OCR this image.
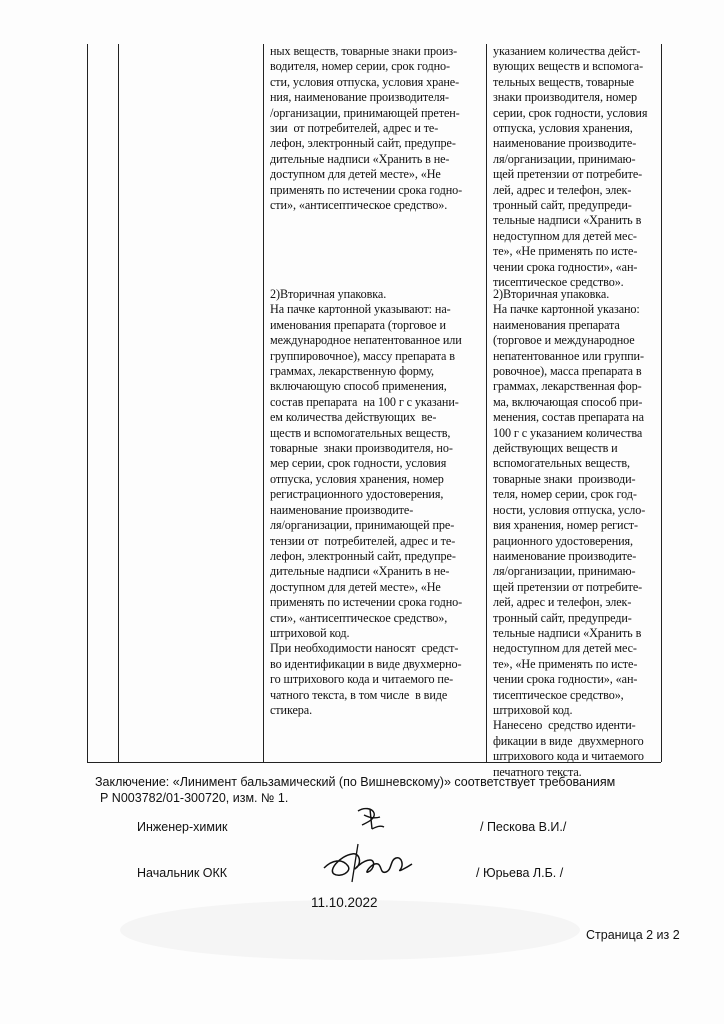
ных веществ, товарные знаки произ-
водителя, номер серии, срок годно-
сти, условия отпуска, условия хране-
ния, наименование производителя-
/организации, принимающей претен-
зии  от потребителей, адрес и те-
лефон, электронный сайт, предупре-
дительные надписи «Хранить в не-
доступном для детей месте», «Не
применять по истечении срока годно-
сти», «антисептическое средство».
указанием количества дейст-
вующих веществ и вспомога-
тельных веществ, товарные
знаки производителя, номер
серии, срок годности, условия
отпуска, условия хранения,
наименование производите-
ля/организации, принимаю-
щей претензии от потребите-
лей, адрес и телефон, элек-
тронный сайт, предупреди-
тельные надписи «Хранить в
недоступном для детей мес-
те», «Не применять по исте-
чении срока годности», «ан-
тисептическое средство».
2)Вторичная упаковка.
На пачке картонной указывают: на-
именования препарата (торговое и
международное непатентованное или
группировочное), массу препарата в
граммах, лекарственную форму,
включающую способ применения,
состав препарата  на 100 г с указани-
ем количества действующих  ве-
ществ и вспомогательных веществ,
товарные  знаки производителя, но-
мер серии, срок годности, условия
отпуска, условия хранения, номер
регистрационного удостоверения,
наименование производите-
ля/организации, принимающей пре-
тензии от  потребителей, адрес и те-
лефон, электронный сайт, предупре-
дительные надписи «Хранить в не-
доступном для детей месте», «Не
применять по истечении срока годно-
сти», «антисептическое средство»,
штриховой код.
При необходимости наносят  средст-
во идентификации в виде двухмерно-
го штрихового кода и читаемого пе-
чатного текста, в том числе  в виде
стикера.
2)Вторичная упаковка.
На пачке картонной указано:
наименования препарата
(торговое и международное
непатентованное или группи-
ровочное), масса препарата в
граммах, лекарственная фор-
ма, включающая способ при-
менения, состав препарата на
100 г с указанием количества
действующих веществ и
вспомогательных веществ,
товарные знаки  производи-
теля, номер серии, срок год-
ности, условия отпуска, усло-
вия хранения, номер регист-
рационного удостоверения,
наименование производите-
ля/организации, принимаю-
щей претензии от потребите-
лей, адрес и телефон, элек-
тронный сайт, предупреди-
тельные надписи «Хранить в
недоступном для детей мес-
те», «Не применять по исте-
чении срока годности», «ан-
тисептическое средство»,
штриховой код.
Нанесено  средство иденти-
фикации в виде  двухмерного
штрихового кода и читаемого
печатного текста.
Заключение: «Линимент бальзамический (по Вишневскому)» соответствует требованиям
Р N003782/01-300720, изм. № 1.
Инженер-химик	/ Пескова В.И./
Начальник ОКК	/ Юрьева Л.Б. /
11.10.2022
Страница 2 из 2
